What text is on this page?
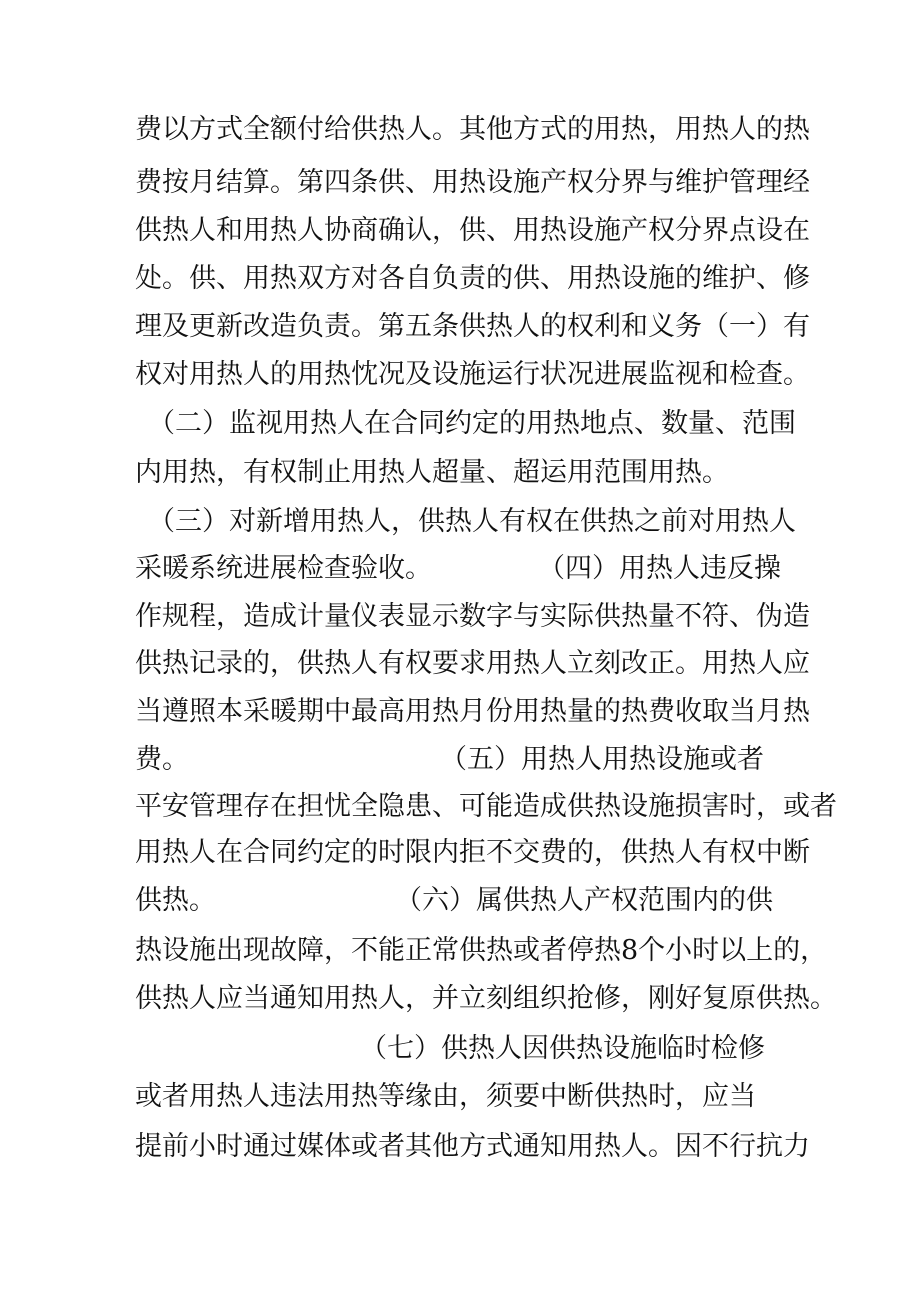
费以方式全额付给供热人。其他方式的用热，用热人的热
费按月结算。第四条供、用热设施产权分界与维护管理经
供热人和用热人协商确认，供、用热设施产权分界点设在
处。供、用热双方对各自负责的供、用热设施的维护、修
理及更新改造负责。第五条供热人的权利和义务（一）有
权对用热人的用热忱况及设施运行状况进展监视和检查。
（二）监视用热人在合同约定的用热地点、数量、范围
内用热，有权制止用热人超量、超运用范围用热。
（三）对新增用热人，供热人有权在供热之前对用热人
采暖系统进展检查验收。	（四）用热人违反操
作规程，造成计量仪表显示数字与实际供热量不符、伪造
供热记录的，供热人有权要求用热人立刻改正。用热人应
当遵照本采暖期中最高用热月份用热量的热费收取当月热
费。	（五）用热人用热设施或者
平安管理存在担忧全隐患、可能造成供热设施损害时，或者
用热人在合同约定的时限内拒不交费的，供热人有权中断
供热。	（六）属供热人产权范围内的供
热设施出现故障，不能正常供热或者停热8个小时以上的，
供热人应当通知用热人，并立刻组织抢修，刚好复原供热。
（七）供热人因供热设施临时检修
或者用热人违法用热等缘由，须要中断供热时，应当
提前小时通过媒体或者其他方式通知用热人。因不行抗力
